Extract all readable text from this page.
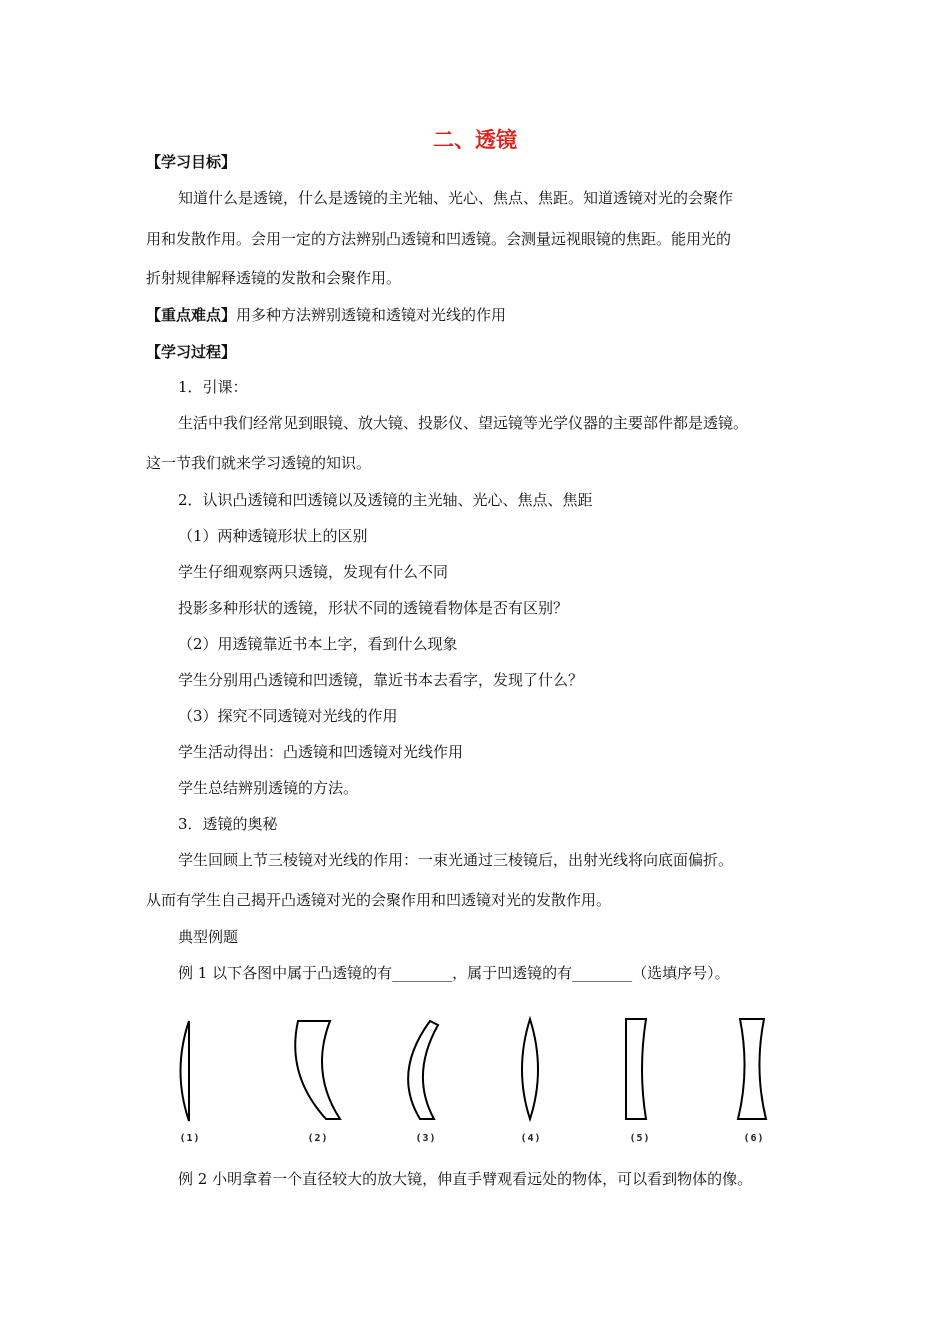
二、透镜
【学习目标】
知道什么是透镜，什么是透镜的主光轴、光心、焦点、焦距。知道透镜对光的会聚作
用和发散作用。会用一定的方法辨别凸透镜和凹透镜。会测量远视眼镜的焦距。能用光的
折射规律解释透镜的发散和会聚作用。
【重点难点】用多种方法辨别透镜和透镜对光线的作用
【学习过程】
1．引课：
生活中我们经常见到眼镜、放大镜、投影仪、望远镜等光学仪器的主要部件都是透镜。
这一节我们就来学习透镜的知识。
2．认识凸透镜和凹透镜以及透镜的主光轴、光心、焦点、焦距
（1）两种透镜形状上的区别
学生仔细观察两只透镜，发现有什么不同
投影多种形状的透镜，形状不同的透镜看物体是否有区别？
（2）用透镜靠近书本上字，看到什么现象
学生分别用凸透镜和凹透镜，靠近书本去看字，发现了什么？
（3）探究不同透镜对光线的作用
学生活动得出：凸透镜和凹透镜对光线作用
学生总结辨别透镜的方法。
3．透镜的奥秘
学生回顾上节三棱镜对光线的作用：一束光通过三棱镜后，出射光线将向底面偏折。
从而有学生自己揭开凸透镜对光的会聚作用和凹透镜对光的发散作用。
典型例题
例 1 以下各图中属于凸透镜的有________，属于凹透镜的有________（选填序号）。
(1)	(2)	(3)	(4)	(5)	(6)
例 2 小明拿着一个直径较大的放大镜，伸直手臂观看远处的物体，可以看到物体的像。
